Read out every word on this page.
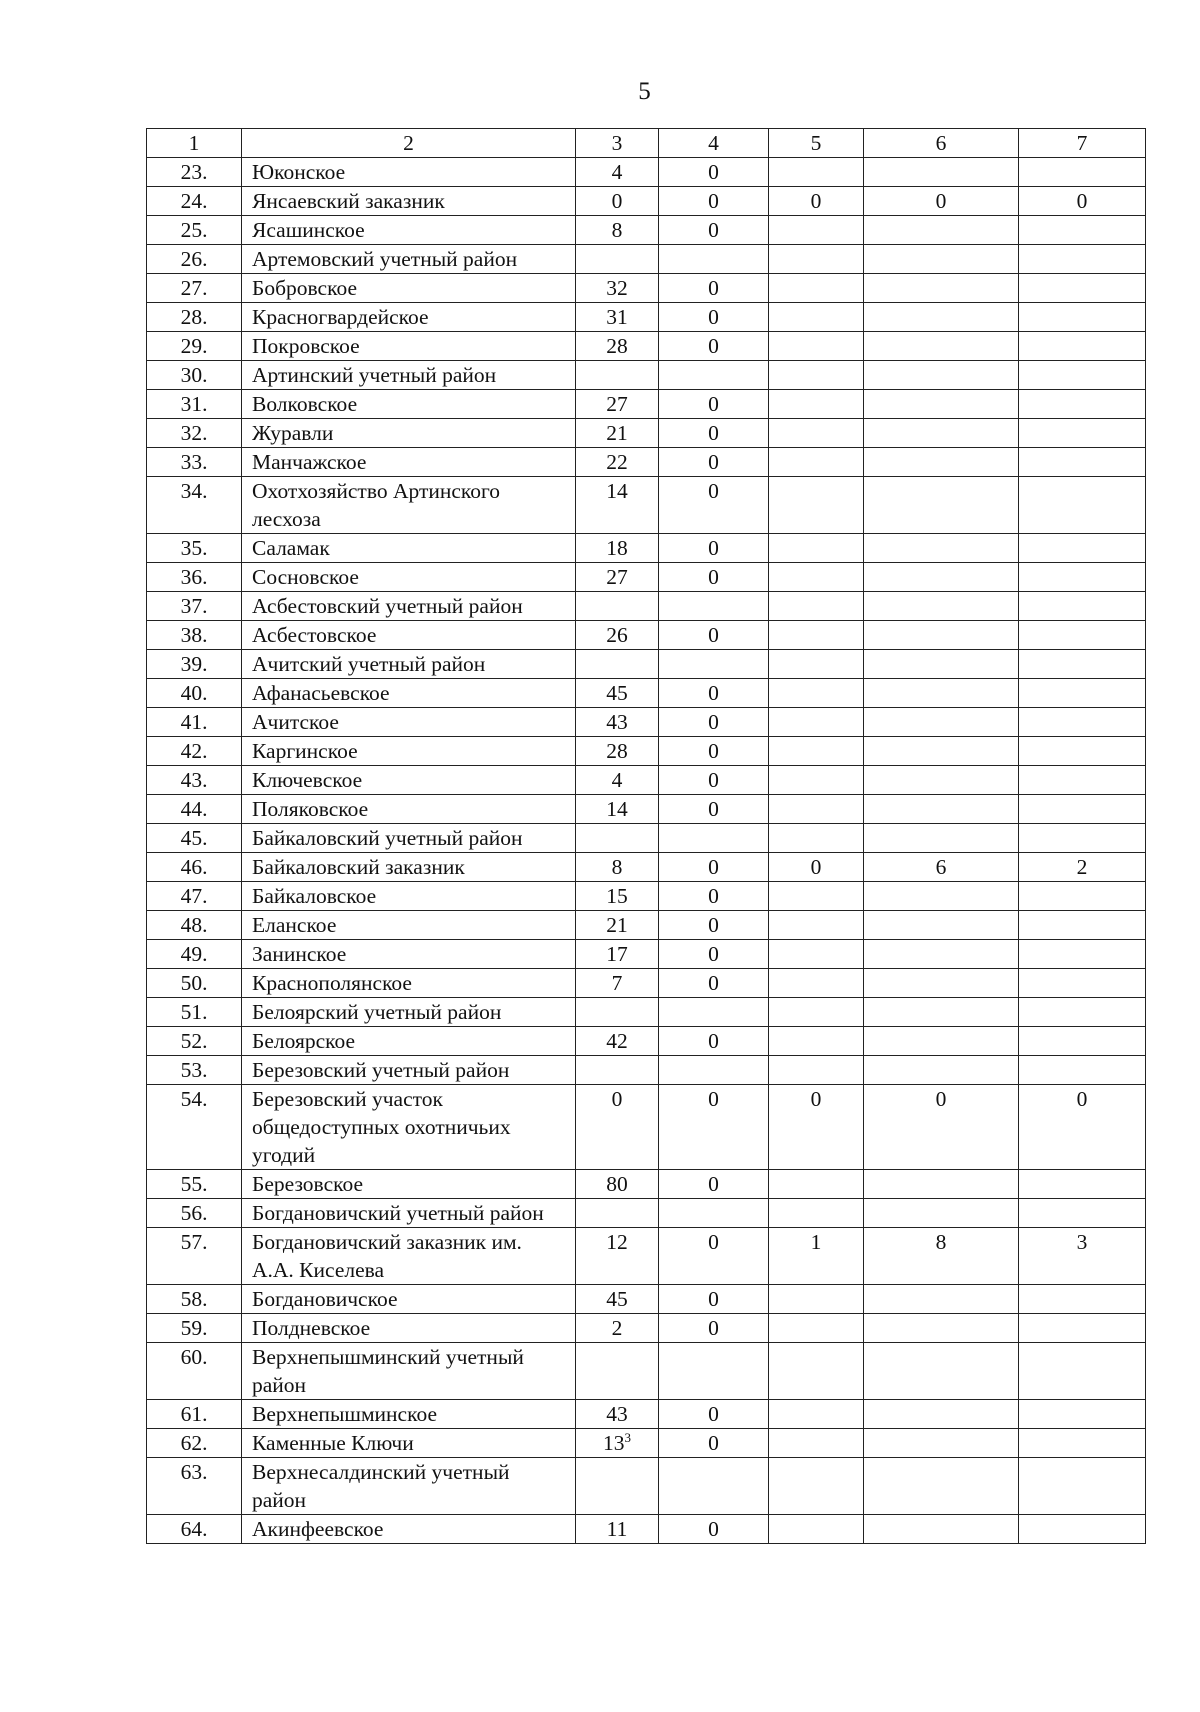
5
1	2	3	4	5	6	7
23.	Юконское	4	0			
24.	Янсаевский заказник	0	0	0	0	0
25.	Ясашинское	8	0			
26.	Артемовский учетный район					
27.	Бобровское	32	0			
28.	Красногвардейское	31	0			
29.	Покровское	28	0			
30.	Артинский учетный район					
31.	Волковское	27	0			
32.	Журавли	21	0			
33.	Манчажское	22	0			
34.	Охотхозяйство Артинского лесхоза	14	0			
35.	Саламак	18	0			
36.	Сосновское	27	0			
37.	Асбестовский учетный район					
38.	Асбестовское	26	0			
39.	Ачитский учетный район					
40.	Афанасьевское	45	0			
41.	Ачитское	43	0			
42.	Каргинское	28	0			
43.	Ключевское	4	0			
44.	Поляковское	14	0			
45.	Байкаловский учетный район					
46.	Байкаловский заказник	8	0	0	6	2
47.	Байкаловское	15	0			
48.	Еланское	21	0			
49.	Занинское	17	0			
50.	Краснополянское	7	0			
51.	Белоярский учетный район					
52.	Белоярское	42	0			
53.	Березовский учетный район					
54.	Березовский участок общедоступных охотничьих угодий	0	0	0	0	0
55.	Березовское	80	0			
56.	Богдановичский учетный район					
57.	Богдановичский заказник им. А.А. Киселева	12	0	1	8	3
58.	Богдановичское	45	0			
59.	Полдневское	2	0			
60.	Верхнепышминский учетный район					
61.	Верхнепышминское	43	0			
62.	Каменные Ключи	$13^3$	0			
63.	Верхнесалдинский учетный район					
64.	Акинфеевское	11	0			
